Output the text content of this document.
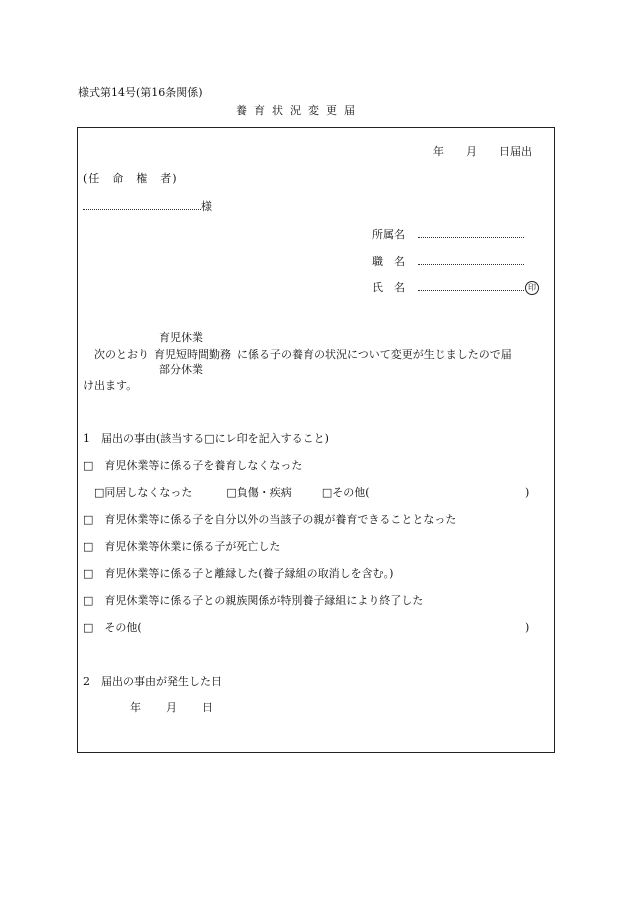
様式第14号(第16条関係)
養育状況変更届
年 月 日届出
(任　命　権　者)
様
所属名
職　名
氏　名	印
育児休業
次のとおり 育児短時間勤務 に係る子の養育の状況について変更が生じましたので届
部分休業
け出ます。
1　届出の事由(該当する□にレ印を記入すること)
□　育児休業等に係る子を養育しなくなった
□同居しなくなった	□負傷・疾病	□その他(	)
□　育児休業等に係る子を自分以外の当該子の親が養育できることとなった
□　育児休業等休業に係る子が死亡した
□　育児休業等に係る子と離縁した(養子縁組の取消しを含む。)
□　育児休業等に係る子との親族関係が特別養子縁組により終了した
□　その他(	)
2　届出の事由が発生した日
年 月 日
